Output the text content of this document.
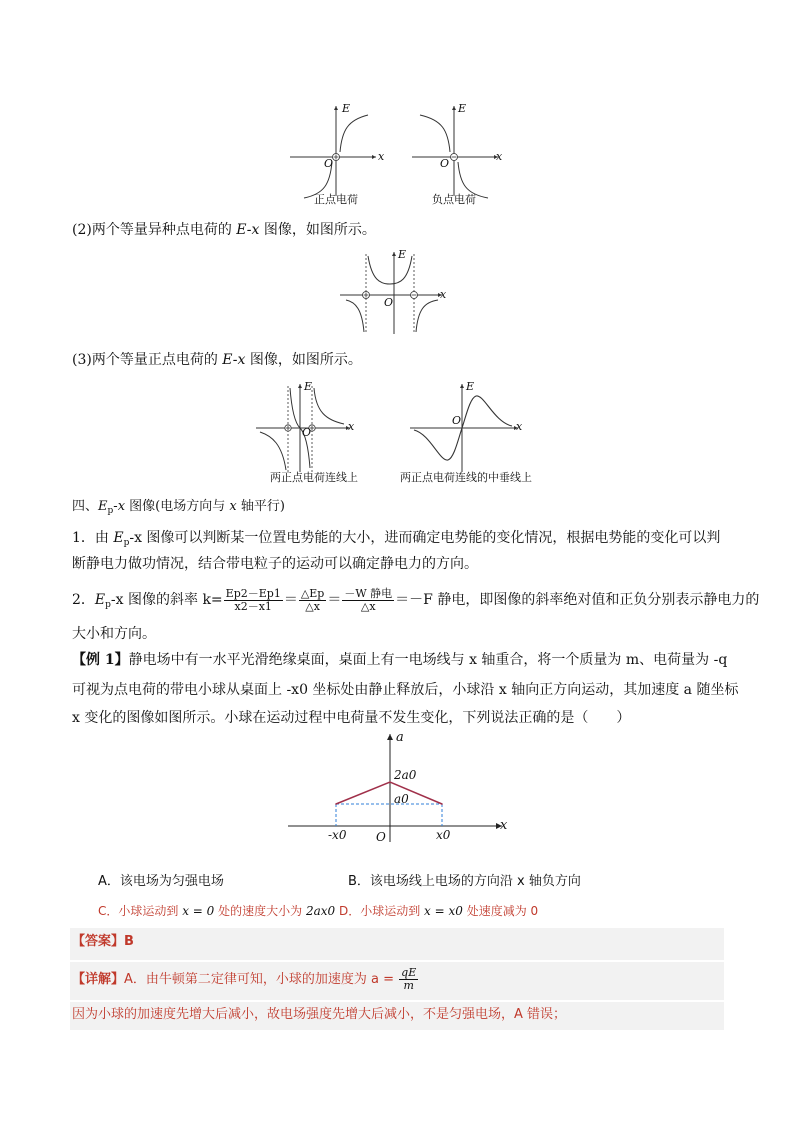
E
x
O
E
x
O
正点电荷	负点电荷
(2)两个等量异种点电荷的 E-x 图像，如图所示。
E
x
O
(3)两个等量正点电荷的 E-x 图像，如图所示。
E
x
O
E
x
O
两正点电荷连线上	两正点电荷连线的中垂线上
四、$E_p-x$ 图像(电场方向与 x 轴平行)
1．由 $E_p-x$ 图像可以判断某一位置电势能的大小，进而确定电势能的变化情况，根据电势能的变化可以判
断静电力做功情况，结合带电粒子的运动可以确定静电力的方向。
2．$E_p-x$ 图像的斜率 $k= \frac{Ep2-Ep1}{x2-x1} = \frac{\triangle Ep}{\triangle x} = \frac{\text{－W 静电}}{\triangle x} =-F$ 静电，即图像的斜率绝对值和正负分别表示静电力的
大小和方向。
【例 1】静电场中有一水平光滑绝缘桌面，桌面上有一电场线与 x 轴重合，将一个质量为 m、电荷量为 -q
可视为点电荷的带电小球从桌面上 -x0 坐标处由静止释放后，小球沿 x 轴向正方向运动，其加速度 a 随坐标
x 变化的图像如图所示。小球在运动过程中电荷量不发生变化，下列说法正确的是（　　）
a
x
2a0
a0
-x0 O	x0
A．该电场为匀强电场	B．该电场线上电场的方向沿 x 轴负方向
C．小球运动到 x = 0 处的速度大小为 2ax0 D．小球运动到 x = x0 处速度减为 0
【答案】B
【详解】A．由牛顿第二定律可知，小球的加速度为 $a = \frac{qE}{m}$
因为小球的加速度先增大后减小，故电场强度先增大后减小，不是匀强电场，A 错误；
